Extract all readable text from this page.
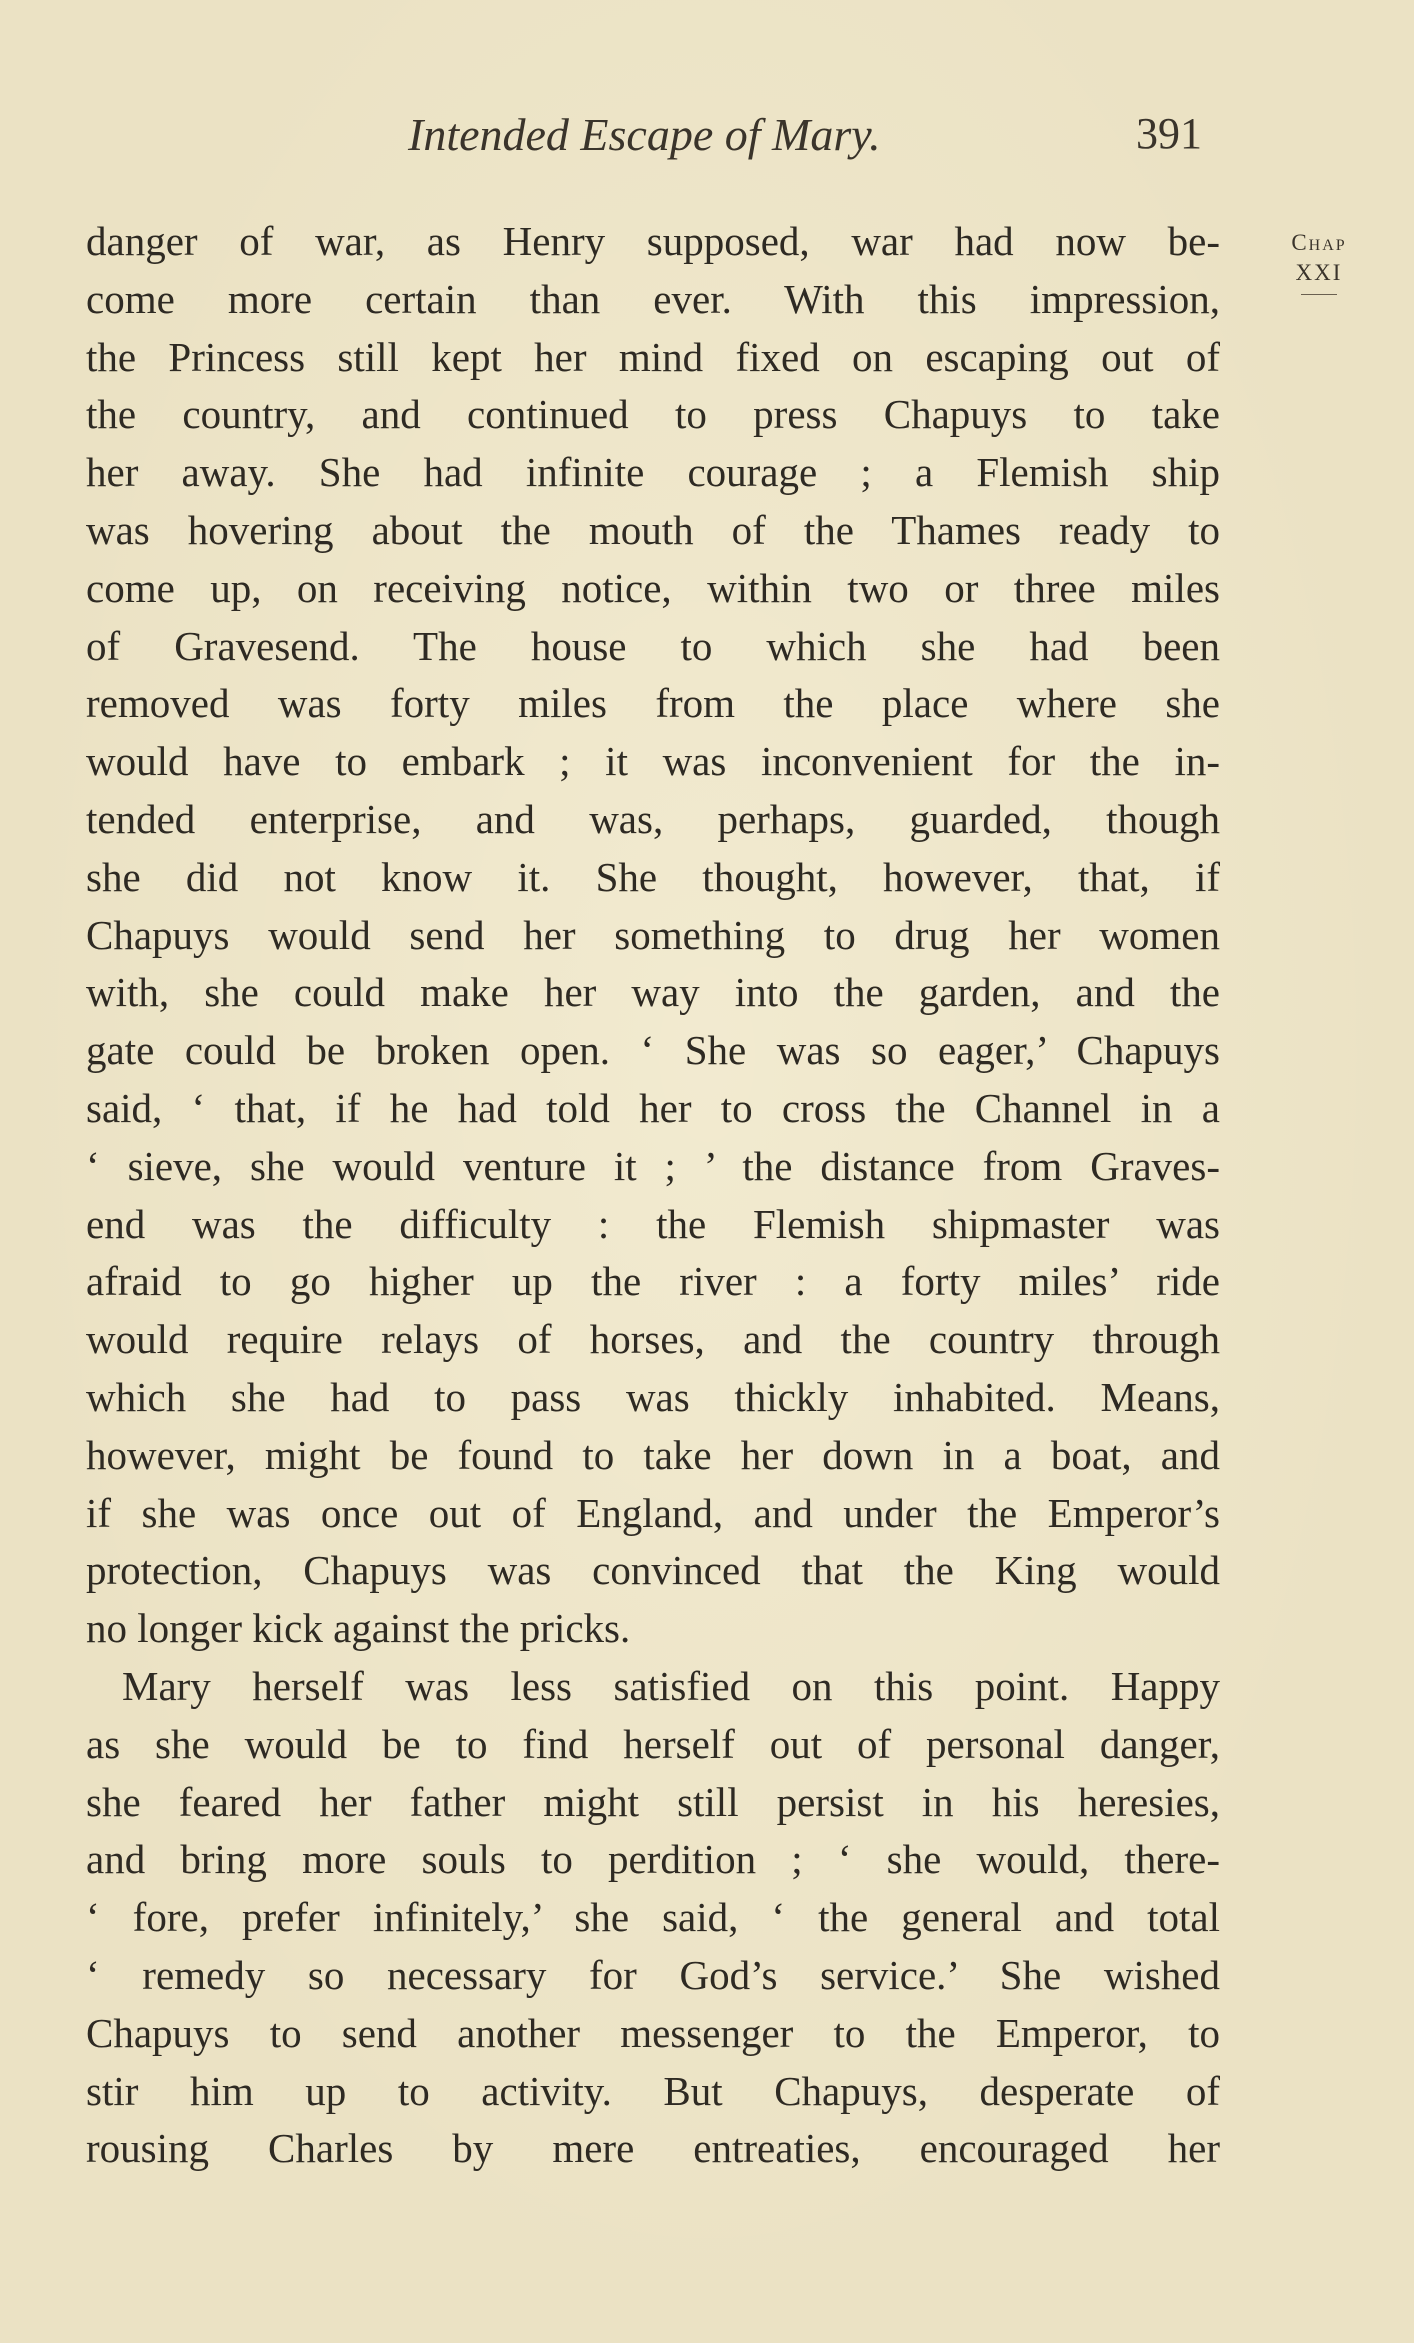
Intended Escape of Mary.	391
Chap
XXI
danger of war, as Henry supposed, war had now be-
come more certain than ever. With this impression,
the Princess still kept her mind fixed on escaping out of
the country, and continued to press Chapuys to take
her away. She had infinite courage ; a Flemish ship
was hovering about the mouth of the Thames ready to
come up, on receiving notice, within two or three miles
of Gravesend. The house to which she had been
removed was forty miles from the place where she
would have to embark ; it was inconvenient for the in-
tended enterprise, and was, perhaps, guarded, though
she did not know it. She thought, however, that, if
Chapuys would send her something to drug her women
with, she could make her way into the garden, and the
gate could be broken open. ‘ She was so eager,’ Chapuys
said, ‘ that, if he had told her to cross the Channel in a
‘ sieve, she would venture it ; ’ the distance from Graves-
end was the difficulty : the Flemish shipmaster was
afraid to go higher up the river : a forty miles’ ride
would require relays of horses, and the country through
which she had to pass was thickly inhabited. Means,
however, might be found to take her down in a boat, and
if she was once out of England, and under the Emperor’s
protection, Chapuys was convinced that the King would
no longer kick against the pricks.
Mary herself was less satisfied on this point. Happy
as she would be to find herself out of personal danger,
she feared her father might still persist in his heresies,
and bring more souls to perdition ; ‘ she would, there-
‘ fore, prefer infinitely,’ she said, ‘ the general and total
‘ remedy so necessary for God’s service.’ She wished
Chapuys to send another messenger to the Emperor, to
stir him up to activity. But Chapuys, desperate of
rousing Charles by mere entreaties, encouraged her
